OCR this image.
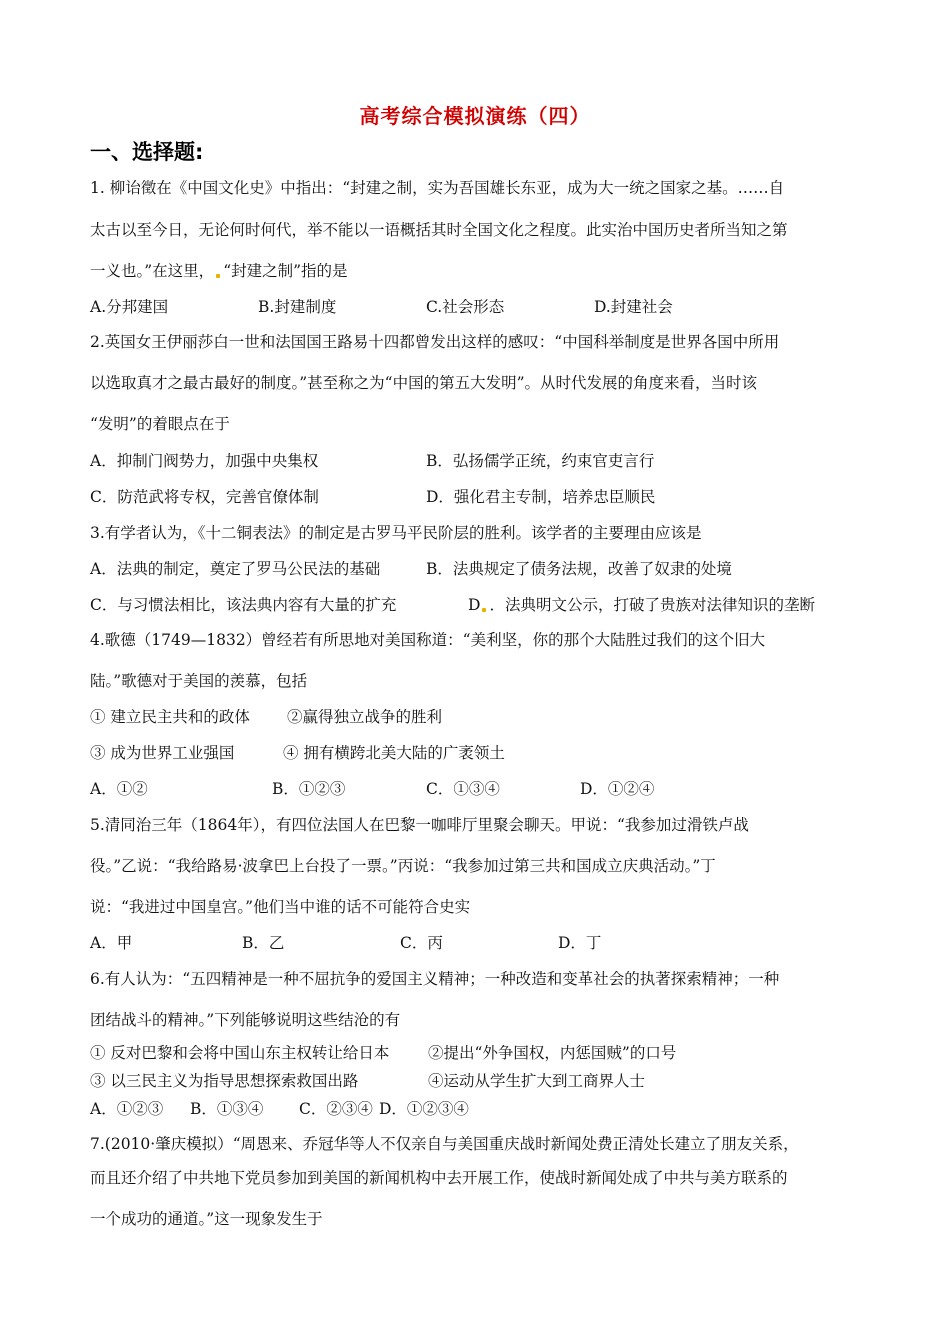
高考综合模拟演练（四）
一、选择题:
1. 柳诒徵在《中国文化史》中指出：“封建之制，实为吾国雄长东亚，成为大一统之国家之基。……自
太古以至今日，无论何时何代，举不能以一语概括其时全国文化之程度。此实治中国历史者所当知之第
一义也。”在这里， “封建之制”指的是
A.分邦建国	B.封建制度	C.社会形态	D.封建社会
2.英国女王伊丽莎白一世和法国国王路易十四都曾发出这样的感叹：“中国科举制度是世界各国中所用
以选取真才之最古最好的制度。”甚至称之为“中国的第五大发明”。从时代发展的角度来看，当时该
“发明”的着眼点在于
A．抑制门阀势力，加强中央集权	B．弘扬儒学正统，约束官吏言行
C．防范武将专权，完善官僚体制	D．强化君主专制，培养忠臣顺民
3.有学者认为，《十二铜表法》的制定是古罗马平民阶层的胜利。该学者的主要理由应该是
A．法典的制定，奠定了罗马公民法的基础	B．法典规定了债务法规，改善了奴隶的处境
C．与习惯法相比，该法典内容有大量的扩充	D ．法典明文公示，打破了贵族对法律知识的垄断
4.歌德（1749—1832）曾经若有所思地对美国称道：“美利坚，你的那个大陆胜过我们的这个旧大
陆。”歌德对于美国的羡慕，包括
① 建立民主共和的政体 ②赢得独立战争的胜利
③ 成为世界工业强国	④ 拥有横跨北美大陆的广袤领土
A．①②	B．①②③	C．①③④	D．①②④
5.清同治三年（1864年），有四位法国人在巴黎一咖啡厅里聚会聊天。甲说：“我参加过滑铁卢战
役。”乙说：“我给路易·波拿巴上台投了一票。”丙说：“我参加过第三共和国成立庆典活动。”丁
说：“我进过中国皇宫。”他们当中谁的话不可能符合史实
A．甲	B．乙	C．丙	D．丁
6.有人认为：“五四精神是一种不屈抗争的爱国主义精神；一种改造和变革社会的执著探索精神；一种
团结战斗的精神。”下列能够说明这些结沧的有
① 反对巴黎和会将中国山东主权转让给日本 ②提出“外争国权，内惩国贼”的口号
③ 以三民主义为指导思想探索救国出路	④运动从学生扩大到工商界人士
A．①②③ B．①③④ C．②③④ D．①②③④
7.(2010·肇庆模拟）“周恩来、乔冠华等人不仅亲自与美国重庆战时新闻处费正清处长建立了朋友关系，
而且还介绍了中共地下党员参加到美国的新闻机构中去开展工作，使战时新闻处成了中共与美方联系的
一个成功的通道。”这一现象发生于
